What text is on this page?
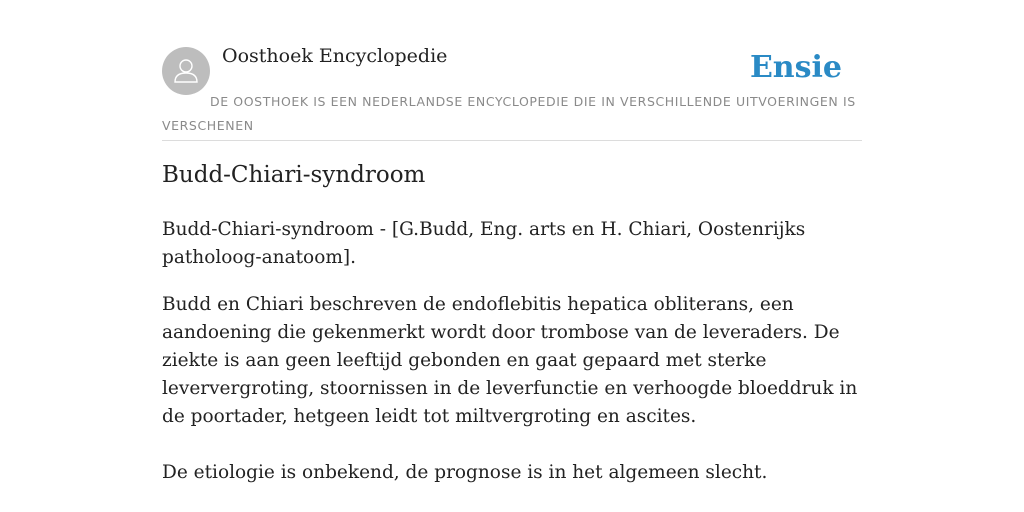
Oosthoek Encyclopedie	Ensie
DE OOSTHOEK IS EEN NEDERLANDSE ENCYCLOPEDIE DIE IN VERSCHILLENDE UITVOERINGEN IS VERSCHENEN
Budd-Chiari-syndroom

Budd-Chiari-syndroom - [G.Budd, Eng. arts en H. Chiari, Oostenrijks patholoog-anatoom].

Budd en Chiari beschreven de endoflebitis hepatica obliterans, een aandoening die gekenmerkt wordt door trombose van de leveraders. De ziekte is aan geen leeftijd gebonden en gaat gepaard met sterke leververgroting, stoornissen in de leverfunctie en verhoogde bloeddruk in de poortader, hetgeen leidt tot miltvergroting en ascites.

De etiologie is onbekend, de prognose is in het algemeen slecht.
